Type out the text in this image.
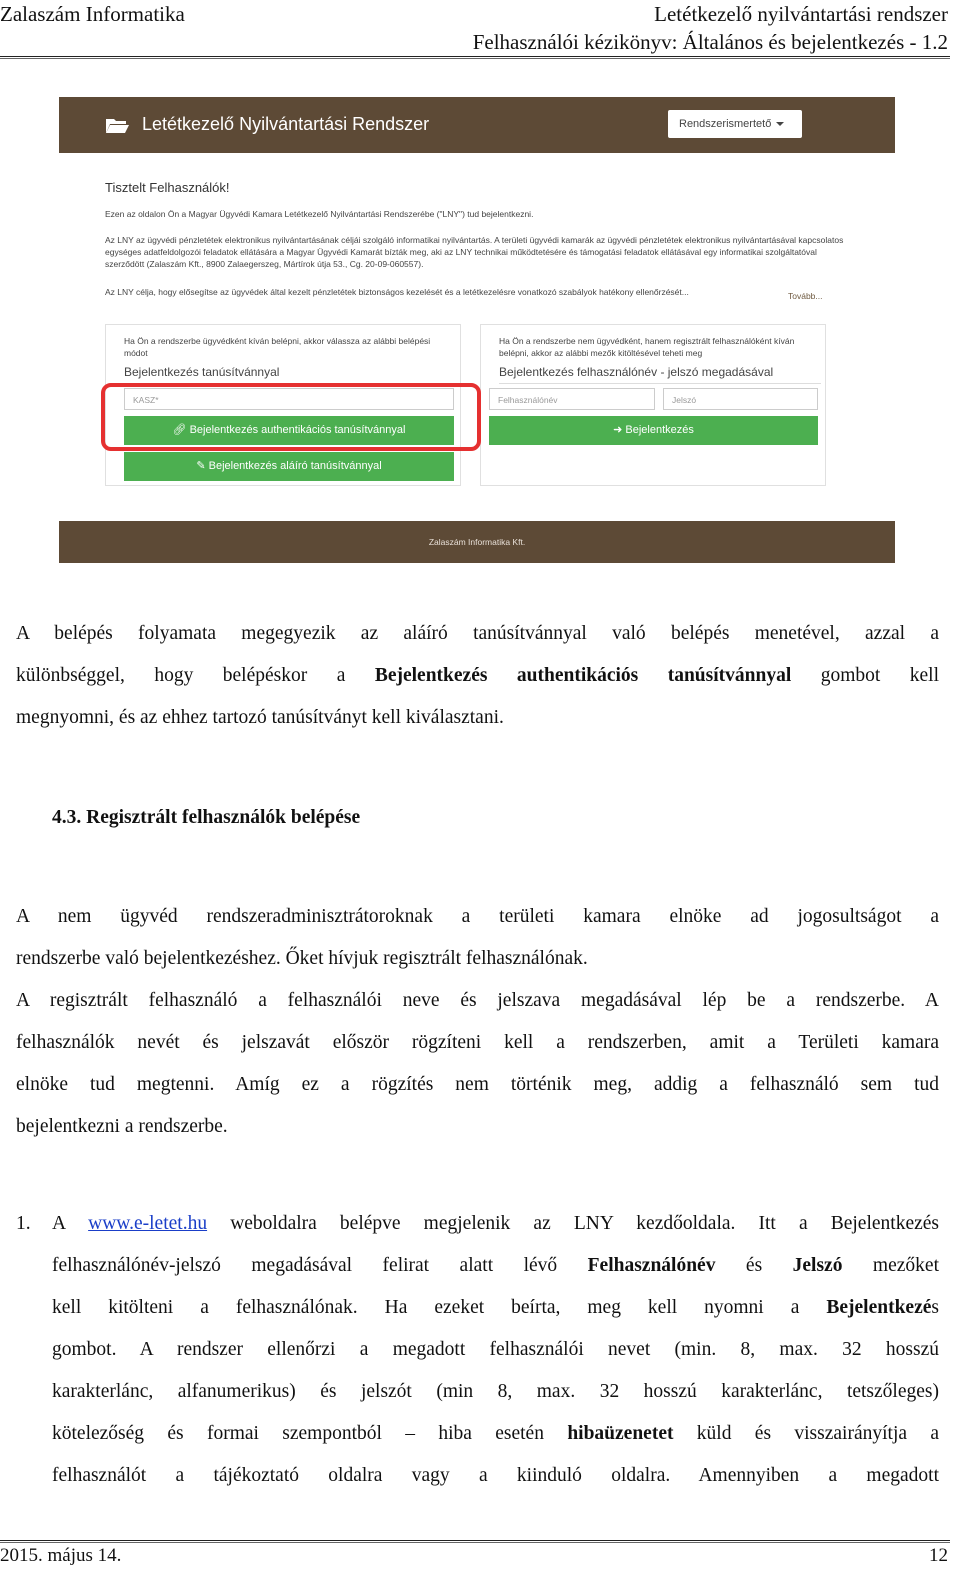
Zalaszám Informatika	Letétkezelő nyilvántartási rendszer
Felhasználói kézikönyv: Általános és bejelentkezés - 1.2
Letétkezelő Nyilvántartási Rendszer	Rendszerismertető
Tisztelt Felhasználók!
Ezen az oldalon Ön a Magyar Ügyvédi Kamara Letétkezelő Nyilvántartási Rendszerébe ("LNY") tud bejelentkezni.
Az LNY az ügyvédi pénzletétek elektronikus nyilvántartásának céljái szolgáló informatikai nyilvántartás. A területi ügyvédi kamarák az ügyvédi pénzletétek elektronikus nyilvántartásával kapcsolatos egységes adatfeldolgozói feladatok ellátására a Magyar Ügyvédi Kamarát bízták meg, aki az LNY technikai működtetésére és támogatási feladatok ellátásával egy informatikai szolgáltatóval szerződött (Zalaszám Kft., 8900 Zalaegerszeg, Mártírok útja 53., Cg. 20-09-060557).
Az LNY célja, hogy elősegítse az ügyvédek által kezelt pénzletétek biztonságos kezelését és a letétkezelésre vonatkozó szabályok hatékony ellenőrzését...	Tovább...
Ha Ön a rendszerbe ügyvédként kíván belépni, akkor válassza az alábbi belépési módot
Bejelentkezés tanúsítvánnyal
KASZ*
🔗︎ Bejelentkezés authentikációs tanúsítvánnyal
✎ Bejelentkezés aláíró tanúsítvánnyal
Ha Ön a rendszerbe nem ügyvédként, hanem regisztrált felhasználóként kíván belépni, akkor az alábbi mezők kitöltésével teheti meg
Bejelentkezés felhasználónév - jelszó megadásával
Felhasználónév	Jelszó
➜ Bejelentkezés
Zalaszám Informatika Kft.
A belépés folyamata megegyezik az aláíró tanúsítvánnyal való belépés menetével, azzal a
különbséggel, hogy belépéskor a Bejelentkezés authentikációs tanúsítvánnyal gombot kell
megnyomni, és az ehhez tartozó tanúsítványt kell kiválasztani.
4.3. Regisztrált felhasználók belépése
A nem ügyvéd rendszeradminisztrátoroknak a területi kamara elnöke ad jogosultságot a
rendszerbe való bejelentkezéshez. Őket hívjuk regisztrált felhasználónak.
A regisztrált felhasználó a felhasználói neve és jelszava megadásával lép be a rendszerbe. A
felhasználók nevét és jelszavát először rögzíteni kell a rendszerben, amit a Területi kamara
elnöke tud megtenni. Amíg ez a rögzítés nem történik meg, addig a felhasználó sem tud
bejelentkezni a rendszerbe.
1. A www.e-letet.hu weboldalra belépve megjelenik az LNY kezdőoldala. Itt a Bejelentkezés
felhasználónév-jelszó megadásával felirat alatt lévő Felhasználónév és Jelszó mezőket
kell kitölteni a felhasználónak. Ha ezeket beírta, meg kell nyomni a Bejelentkezés
gombot. A rendszer ellenőrzi a megadott felhasználói nevet (min. 8, max. 32 hosszú
karakterlánc, alfanumerikus) és jelszót (min 8, max. 32 hosszú karakterlánc, tetszőleges)
kötelezőség és formai szempontból – hiba esetén hibaüzenetet küld és visszairányítja a
felhasználót a tájékoztató oldalra vagy a kiinduló oldalra. Amennyiben a megadott
2015. május 14.	12
